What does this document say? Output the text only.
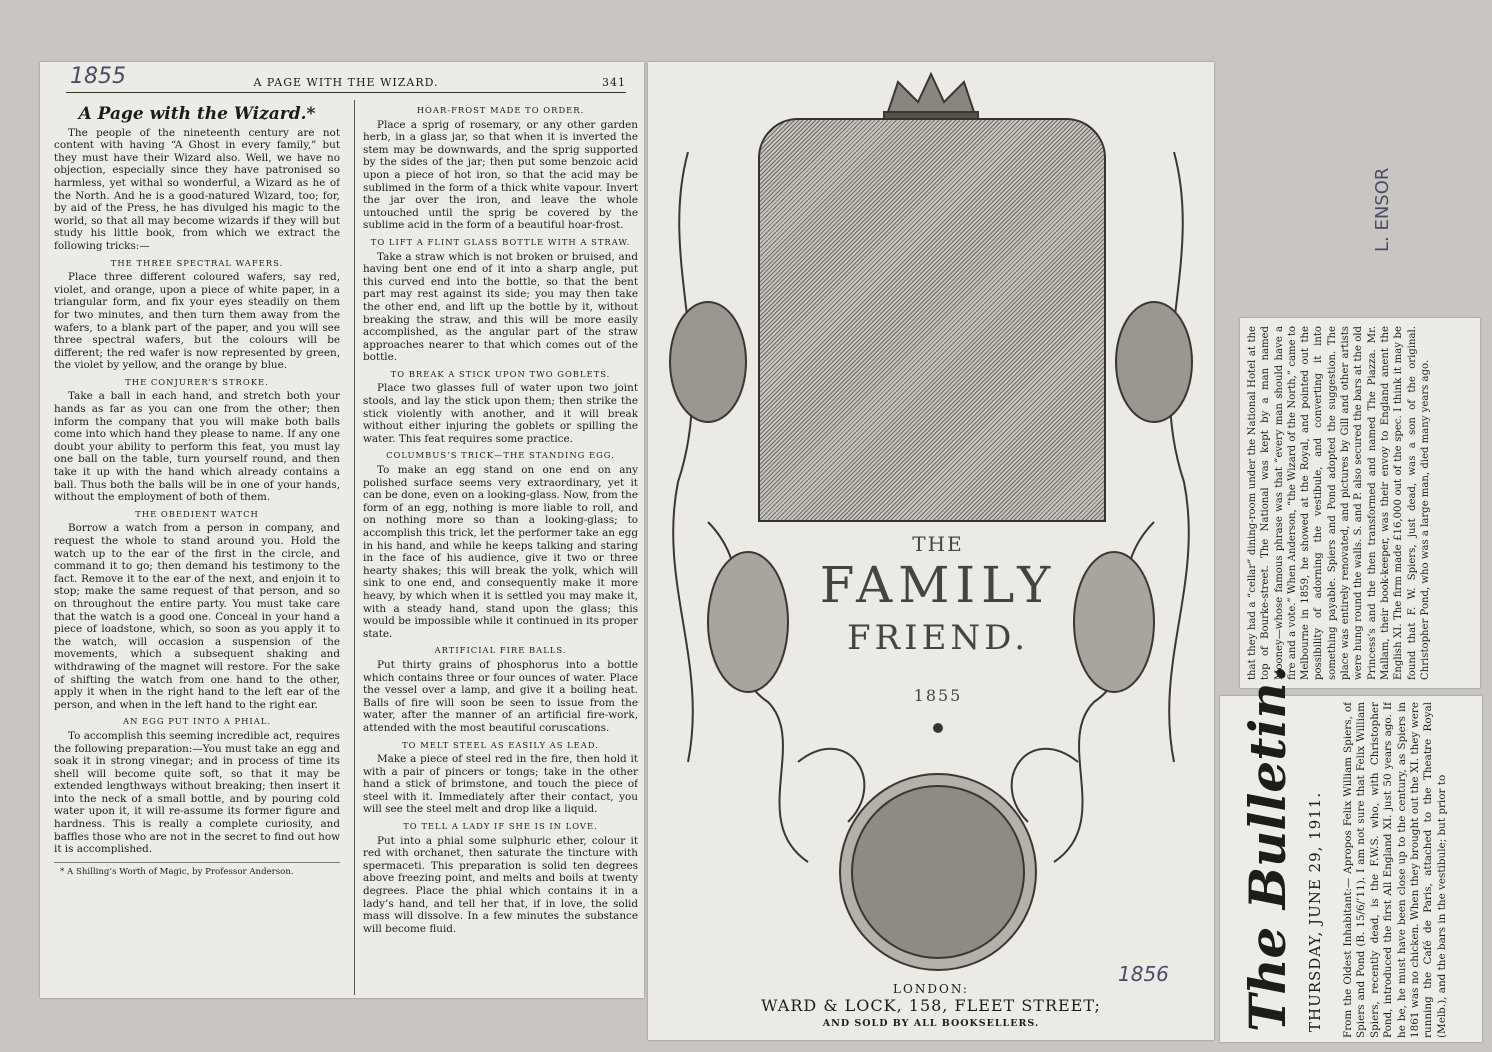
1855
L. ENSOR
A PAGE WITH THE WIZARD.	341
A Page with the Wizard.*

The people of the nineteenth century are not content with having “A Ghost in every family,” but they must have their Wizard also. Well, we have no objection, especially since they have patronised so harmless, yet withal so wonderful, a Wizard as he of the North. And he is a good-natured Wizard, too; for, by aid of the Press, he has divulged his magic to the world, so that all may become wizards if they will but study his little book, from which we extract the following tricks:—

THE THREE SPECTRAL WAFERS.

Place three different coloured wafers, say red, violet, and orange, upon a piece of white paper, in a triangular form, and fix your eyes steadily on them for two minutes, and then turn them away from the wafers, to a blank part of the paper, and you will see three spectral wafers, but the colours will be different; the red wafer is now represented by green, the violet by yellow, and the orange by blue.

THE CONJURER’S STROKE.

Take a ball in each hand, and stretch both your hands as far as you can one from the other; then inform the company that you will make both balls come into which hand they please to name. If any one doubt your ability to perform this feat, you must lay one ball on the table, turn yourself round, and then take it up with the hand which already contains a ball. Thus both the balls will be in one of your hands, without the employment of both of them.

THE OBEDIENT WATCH

Borrow a watch from a person in company, and request the whole to stand around you. Hold the watch up to the ear of the first in the circle, and command it to go; then demand his testimony to the fact. Remove it to the ear of the next, and enjoin it to stop; make the same request of that person, and so on throughout the entire party. You must take care that the watch is a good one. Conceal in your hand a piece of loadstone, which, so soon as you apply it to the watch, will occasion a suspension of the movements, which a subsequent shaking and withdrawing of the magnet will restore. For the sake of shifting the watch from one hand to the other, apply it when in the right hand to the left ear of the person, and when in the left hand to the right ear.

AN EGG PUT INTO A PHIAL.

To accomplish this seeming incredible act, requires the following preparation:—You must take an egg and soak it in strong vinegar; and in process of time its shell will become quite soft, so that it may be extended lengthways without breaking; then insert it into the neck of a small bottle, and by pouring cold water upon it, it will re-assume its former figure and hardness. This is really a complete curiosity, and baffles those who are not in the secret to find out how it is accomplished.

* A Shilling’s Worth of Magic, by Professor Anderson.

HOAR-FROST MADE TO ORDER.

Place a sprig of rosemary, or any other garden herb, in a glass jar, so that when it is inverted the stem may be downwards, and the sprig supported by the sides of the jar; then put some benzoic acid upon a piece of hot iron, so that the acid may be sublimed in the form of a thick white vapour. Invert the jar over the iron, and leave the whole untouched until the sprig be covered by the sublime acid in the form of a beautiful hoar-frost.

TO LIFT A FLINT GLASS BOTTLE WITH A STRAW.

Take a straw which is not broken or bruised, and having bent one end of it into a sharp angle, put this curved end into the bottle, so that the bent part may rest against its side; you may then take the other end, and lift up the bottle by it, without breaking the straw, and this will be more easily accomplished, as the angular part of the straw approaches nearer to that which comes out of the bottle.

TO BREAK A STICK UPON TWO GOBLETS.

Place two glasses full of water upon two joint stools, and lay the stick upon them; then strike the stick violently with another, and it will break without either injuring the goblets or spilling the water. This feat requires some practice.

COLUMBUS’S TRICK—THE STANDING EGG.

To make an egg stand on one end on any polished surface seems very extraordinary, yet it can be done, even on a looking-glass. Now, from the form of an egg, nothing is more liable to roll, and on nothing more so than a looking-glass; to accomplish this trick, let the performer take an egg in his hand, and while he keeps talking and staring in the face of his audience, give it two or three hearty shakes; this will break the yolk, which will sink to one end, and consequently make it more heavy, by which when it is settled you may make it, with a steady hand, stand upon the glass; this would be impossible while it continued in its proper state.

ARTIFICIAL FIRE BALLS.

Put thirty grains of phosphorus into a bottle which contains three or four ounces of water. Place the vessel over a lamp, and give it a boiling heat. Balls of fire will soon be seen to issue from the water, after the manner of an artificial fire-work, attended with the most beautiful coruscations.

TO MELT STEEL AS EASILY AS LEAD.

Make a piece of steel red in the fire, then hold it with a pair of pincers or tongs; take in the other hand a stick of brimstone, and touch the piece of steel with it. Immediately after their contact, you will see the steel melt and drop like a liquid.

TO TELL A LADY IF SHE IS IN LOVE.

Put into a phial some sulphuric ether, colour it red with orchanet, then saturate the tincture with spermaceti. This preparation is solid ten degrees above freezing point, and melts and boils at twenty degrees. Place the phial which contains it in a lady’s hand, and tell her that, if in love, the solid mass will dissolve. In a few minutes the substance will become fluid.

THE
FAMILY
FRIEND.
1855
1856
LONDON:
WARD & LOCK, 158, FLEET STREET;
AND SOLD BY ALL BOOKSELLERS.
that they had a “cellar” dining-room under the National Hotel at the top of Bourke-street. The National was kept by a man named Mooney—whose famous phrase was that “every man should have a fire and a vote.” When Anderson, “the Wizard of the North,” came to Melbourne in 1859, he showed at the Royal, and pointed out the possibility of adorning the vestibule, and converting it into something payable. Spiers and Pond adopted the suggestion. The place was entirely renovated, and pictures by Gill and other artists were hung round the walls. S. and P. also secured the bars at the old Princess’s and the then transformed and named The Piazza. Mr. Mallam, their book-keeper, was their envoy to England anent the English XI. The firm made £16,000 out of the spec. I think it may be found that F. W. Spiers, just dead, was a son of the original. Christopher Pond, who was a large man, died many years ago.
The Bulletin. THURSDAY, JUNE 29, 1911. From the Oldest Inhabitant:— Apropos Felix William Spiers, of Spiers and Pond (B. 15/6/’11). I am not sure that Felix William Spiers, recently dead, is the F.W.S. who, with Christopher Pond, introduced the first All England XI. just 50 years ago. If he be, he must have been close up to the century, as Spiers in 1861 was no chicken. When they brought out the XI. they were running the Café de Paris, attached to the Theatre Royal (Melb.), and the bars in the vestibule; but prior to
